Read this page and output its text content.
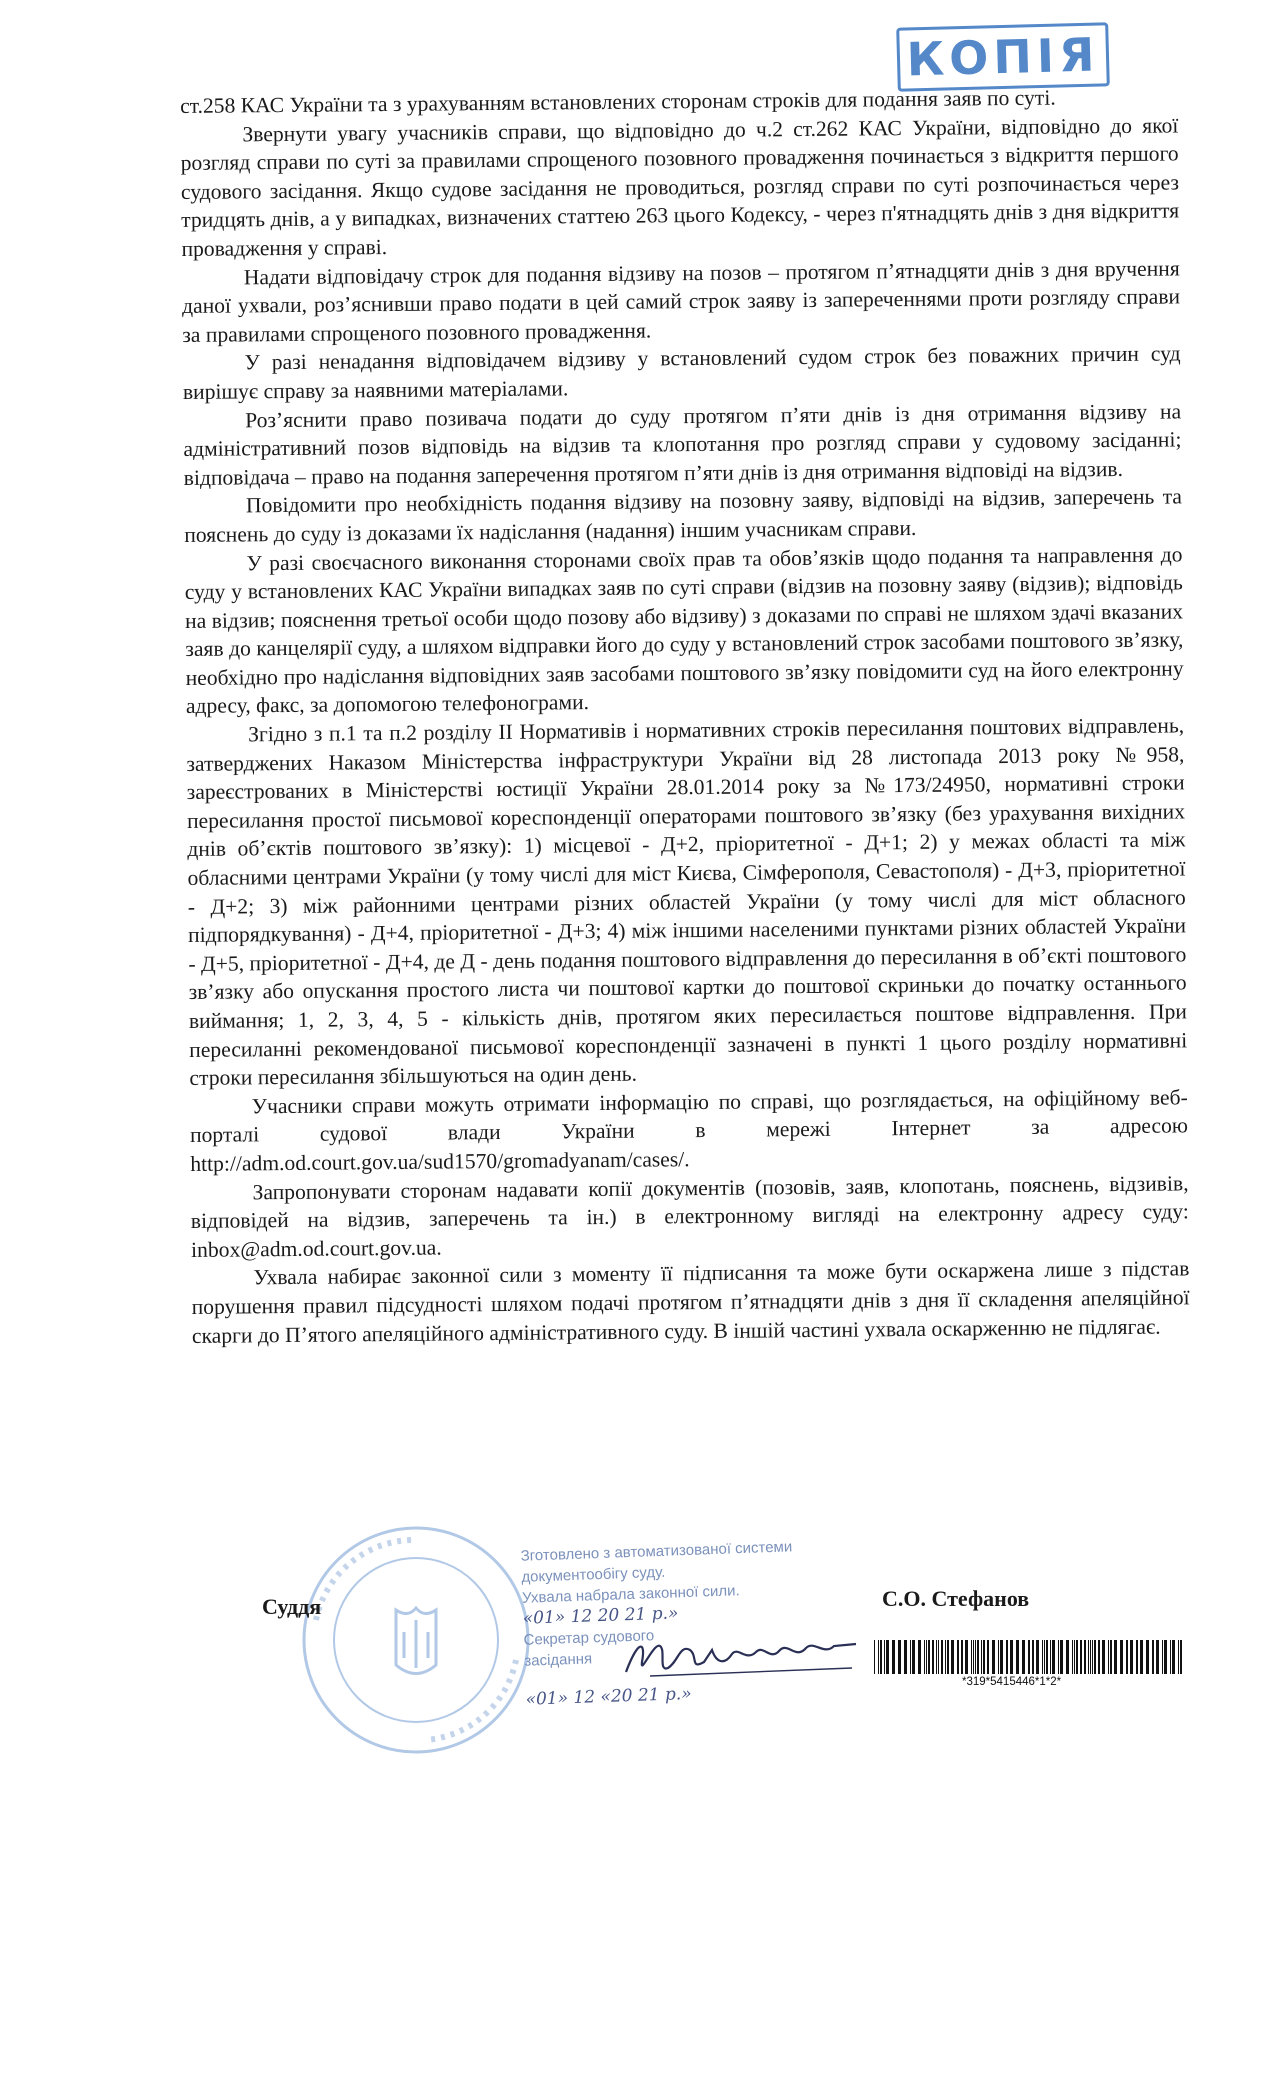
КОПІЯ

ст.258 КАС України та з урахуванням встановлених сторонам строків для подання заяв по суті.

Звернути увагу учасників справи, що відповідно до ч.2 ст.262 КАС України, відповідно до якої розгляд справи по суті за правилами спрощеного позовного провадження починається з відкриття першого судового засідання. Якщо судове засідання не проводиться, розгляд справи по суті розпочинається через тридцять днів, а у випадках, визначених статтею 263 цього Кодексу, - через п'ятнадцять днів з дня відкриття провадження у справі.

Надати відповідачу строк для подання відзиву на позов – протягом п’ятнадцяти днів з дня вручення даної ухвали, роз’яснивши право подати в цей самий строк заяву із запереченнями проти розгляду справи за правилами спрощеного позовного провадження.

У разі ненадання відповідачем відзиву у встановлений судом строк без поважних причин суд вирішує справу за наявними матеріалами.

Роз’яснити право позивача подати до суду протягом п’яти днів із дня отримання відзиву на адміністративний позов відповідь на відзив та клопотання про розгляд справи у судовому засіданні; відповідача – право на подання заперечення протягом п’яти днів із дня отримання відповіді на відзив.

Повідомити про необхідність подання відзиву на позовну заяву, відповіді на відзив, заперечень та пояснень до суду із доказами їх надіслання (надання) іншим учасникам справи.

У разі своєчасного виконання сторонами своїх прав та обов’язків щодо подання та направлення до суду у встановлених КАС України випадках заяв по суті справи (відзив на позовну заяву (відзив); відповідь на відзив; пояснення третьої особи щодо позову або відзиву) з доказами по справі не шляхом здачі вказаних заяв до канцелярії суду, а шляхом відправки його до суду у встановлений строк засобами поштового зв’язку, необхідно про надіслання відповідних заяв засобами поштового зв’язку повідомити суд на його електронну адресу, факс, за допомогою телефонограми.

Згідно з п.1 та п.2 розділу II Нормативів і нормативних строків пересилання поштових відправлень, затверджених Наказом Міністерства інфраструктури України від 28 листопада 2013 року №958, зареєстрованих в Міністерстві юстиції України 28.01.2014 року за №173/24950, нормативні строки пересилання простої письмової кореспонденції операторами поштового зв’язку (без урахування вихідних днів об’єктів поштового зв’язку): 1) місцевої - Д+2, пріоритетної - Д+1; 2) у межах області та між обласними центрами України (у тому числі для міст Києва, Сімферополя, Севастополя) - Д+3, пріоритетної - Д+2; 3) між районними центрами різних областей України (у тому числі для міст обласного підпорядкування) - Д+4, пріоритетної - Д+3; 4) між іншими населеними пунктами різних областей України - Д+5, пріоритетної - Д+4, де Д - день подання поштового відправлення до пересилання в об’єкті поштового зв’язку або опускання простого листа чи поштової картки до поштової скриньки до початку останнього виймання; 1, 2, 3, 4, 5 - кількість днів, протягом яких пересилається поштове відправлення. При пересиланні рекомендованої письмової кореспонденції зазначені в пункті 1 цього розділу нормативні строки пересилання збільшуються на один день.

Учасники справи можуть отримати інформацію по справі, що розглядається, на офіційному веб-порталі судової влади України в мережі Інтернет за адресою http://adm.od.court.gov.ua/sud1570/gromadyanam/cases/.

Запропонувати сторонам надавати копії документів (позовів, заяв, клопотань, пояснень, відзивів, відповідей на відзив, заперечень та ін.) в електронному вигляді на електронну адресу суду: inbox@adm.od.court.gov.ua.

Ухвала набирає законної сили з моменту її підписання та може бути оскаржена лише з підстав порушення правил підсудності шляхом подачі протягом п’ятнадцяти днів з дня її складення апеляційної скарги до П’ятого апеляційного адміністративного суду. В іншій частині ухвала оскарженню не підлягає.

Суддя	С.О. Стефанов
Зготовлено з автоматизованої системи
документообігу суду.
Ухвала набрала законної сили.
«01» 12 20 21 р.»
Секретар судового
засідання
«01» 12 «20 21 р.»
*319*5415446*1*2*
